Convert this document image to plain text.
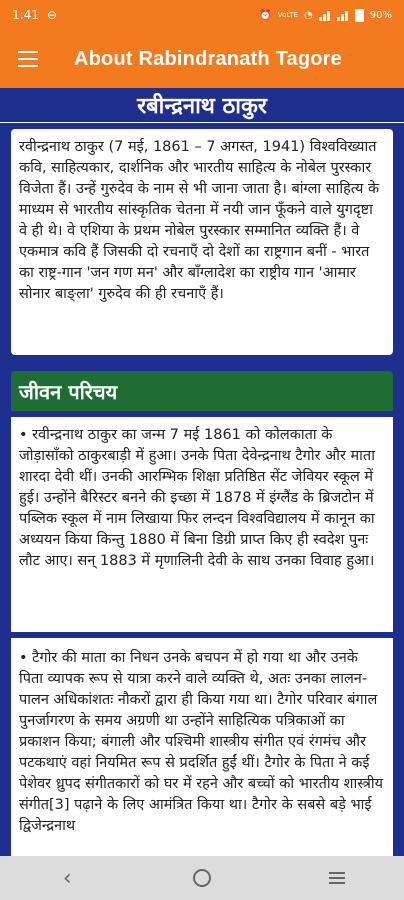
1:41 ⊖	⏰ VoLTE ◔	90%
About Rabindranath Tagore
रबीन्द्रनाथ ठाकुर
रवीन्द्रनाथ ठाकुर (7 मई, 1861 – 7 अगस्त, 1941) विश्वविख्यात कवि, साहित्यकार, दार्शनिक और भारतीय साहित्य के नोबेल पुरस्कार विजेता हैं। उन्हें गुरुदेव के नाम से भी जाना जाता है। बांग्ला साहित्य के माध्यम से भारतीय सांस्कृतिक चेतना में नयी जान फूँकने वाले युगदृष्टा वे ही थे। वे एशिया के प्रथम नोबेल पुरस्कार सम्मानित व्यक्ति हैं। वे एकमात्र कवि हैं जिसकी दो रचनाएँ दो देशों का राष्ट्रगान बनीं - भारत का राष्ट्र-गान 'जन गण मन' और बाँग्लादेश का राष्ट्रीय गान 'आमार सोनार बाङ्ला' गुरुदेव की ही रचनाएँ हैं।
जीवन परिचय
• रवीन्द्रनाथ ठाकुर का जन्म 7 मई 1861 को कोलकाता के जोड़ासाँको ठाकुरबाड़ी में हुआ। उनके पिता देवेन्द्रनाथ टैगोर और माता शारदा देवी थीं। उनकी आरम्भिक शिक्षा प्रतिष्ठित सेंट जेवियर स्कूल में हुई। उन्होंने बैरिस्टर बनने की इच्छा में 1878 में इंग्लैंड के ब्रिजटोन में पब्लिक स्कूल में नाम लिखाया फिर लन्दन विश्वविद्यालय में कानून का अध्ययन किया किन्तु 1880 में बिना डिग्री प्राप्त किए ही स्वदेश पुनः लौट आए। सन् 1883 में मृणालिनी देवी के साथ उनका विवाह हुआ।
• टैगोर की माता का निधन उनके बचपन में हो गया था और उनके पिता व्यापक रूप से यात्रा करने वाले व्यक्ति थे, अतः उनका लालन-पालन अधिकांशतः नौकरों द्वारा ही किया गया था। टैगोर परिवार बंगाल पुनर्जागरण के समय अग्रणी था उन्होंने साहित्यिक पत्रिकाओं का प्रकाशन किया; बंगाली और पश्चिमी शास्त्रीय संगीत एवं रंगमंच और पटकथाएं वहां नियमित रूप से प्रदर्शित हुईं थीं। टैगोर के पिता ने कई पेशेवर ध्रुपद संगीतकारों को घर में रहने और बच्चों को भारतीय शास्त्रीय संगीत[3] पढ़ाने के लिए आमंत्रित किया था। टैगोर के सबसे बड़े भाई द्विजेन्द्रनाथ
‹
